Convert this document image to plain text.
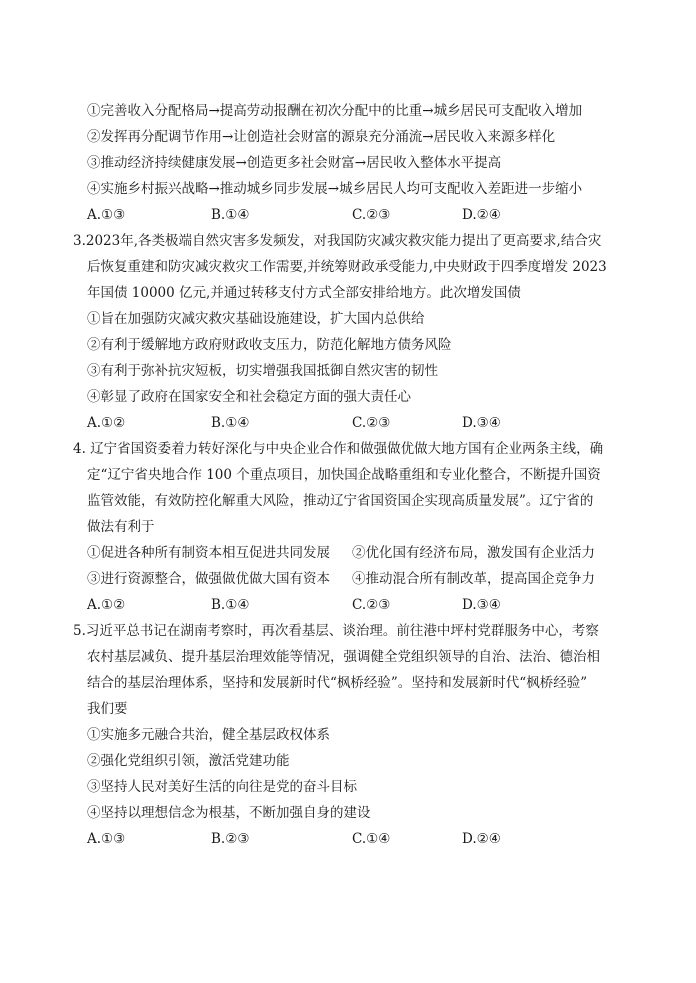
①完善收入分配格局→提高劳动报酬在初次分配中的比重→城乡居民可支配收入增加
②发挥再分配调节作用→让创造社会财富的源泉充分涌流→居民收入来源多样化
③推动经济持续健康发展→创造更多社会财富→居民收入整体水平提高
④实施乡村振兴战略→推动城乡同步发展→城乡居民人均可支配收入差距进一步缩小
A.①③	B.①④	C.②③	D.②④
3.2023年,各类极端自然灾害多发频发，对我国防灾减灾救灾能力提出了更高要求,结合灾
后恢复重建和防灾减灾救灾工作需要,并统筹财政承受能力,中央财政于四季度增发 2023
年国债 10000 亿元,并通过转移支付方式全部安排给地方。此次增发国债
①旨在加强防灾减灾救灾基础设施建设，扩大国内总供给
②有利于缓解地方政府财政收支压力，防范化解地方债务风险
③有利于弥补抗灾短板，切实增强我国抵御自然灾害的韧性
④彰显了政府在国家安全和社会稳定方面的强大责任心
A.①②	B.①④	C.②③	D.③④
4. 辽宁省国资委着力转好深化与中央企业合作和做强做优做大地方国有企业两条主线，确
定“辽宁省央地合作 100 个重点项目，加快国企战略重组和专业化整合，不断提升国资
监管效能，有效防控化解重大风险，推动辽宁省国资国企实现高质量发展”。辽宁省的
做法有利于
①促进各种所有制资本相互促进共同发展 ②优化国有经济布局，激发国有企业活力
③进行资源整合，做强做优做大国有资本 ④推动混合所有制改革，提高国企竞争力
A.①②	B.①④	C.②③	D.③④
5.习近平总书记在湖南考察时，再次看基层、谈治理。前往港中坪村党群服务中心，考察
农村基层减负、提升基层治理效能等情况，强调健全党组织领导的自治、法治、德治相
结合的基层治理体系，坚持和发展新时代“枫桥经验”。坚持和发展新时代“枫桥经验”
我们要
①实施多元融合共治，健全基层政权体系
②强化党组织引领，激活党建功能
③坚持人民对美好生活的向往是党的奋斗目标
④坚持以理想信念为根基，不断加强自身的建设
A.①③	B.②③	C.①④	D.②④
